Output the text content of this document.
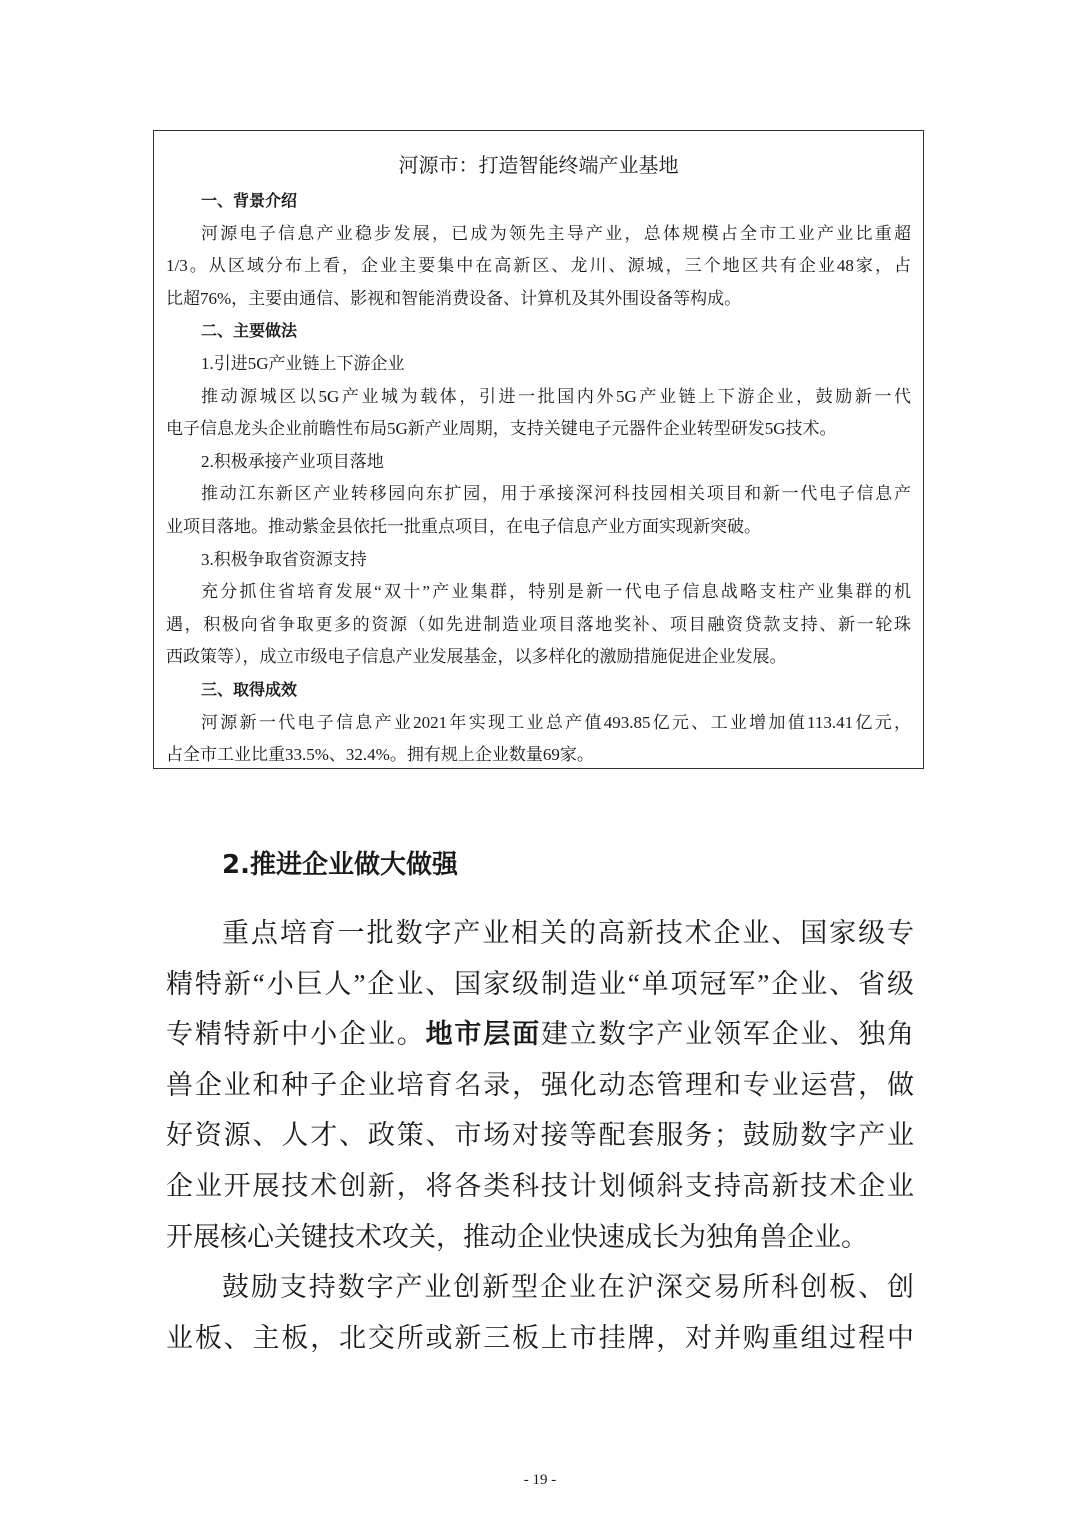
河源市：打造智能终端产业基地
一、背景介绍
河源电子信息产业稳步发展，已成为领先主导产业，总体规模占全市工业产业比重超
1/3。从区域分布上看，企业主要集中在高新区、龙川、源城，三个地区共有企业48家，占
比超76%，主要由通信、影视和智能消费设备、计算机及其外围设备等构成。
二、主要做法
1.引进5G产业链上下游企业
推动源城区以5G产业城为载体，引进一批国内外5G产业链上下游企业，鼓励新一代
电子信息龙头企业前瞻性布局5G新产业周期，支持关键电子元器件企业转型研发5G技术。
2.积极承接产业项目落地
推动江东新区产业转移园向东扩园，用于承接深河科技园相关项目和新一代电子信息产
业项目落地。推动紫金县依托一批重点项目，在电子信息产业方面实现新突破。
3.积极争取省资源支持
充分抓住省培育发展“双十”产业集群，特别是新一代电子信息战略支柱产业集群的机
遇，积极向省争取更多的资源（如先进制造业项目落地奖补、项目融资贷款支持、新一轮珠
西政策等），成立市级电子信息产业发展基金，以多样化的激励措施促进企业发展。
三、取得成效
河源新一代电子信息产业2021年实现工业总产值493.85亿元、工业增加值113.41亿元，
占全市工业比重33.5%、32.4%。拥有规上企业数量69家。
2.推进企业做大做强
重点培育一批数字产业相关的高新技术企业、国家级专
精特新“小巨人”企业、国家级制造业“单项冠军”企业、省级
专精特新中小企业。地市层面建立数字产业领军企业、独角
兽企业和种子企业培育名录，强化动态管理和专业运营，做
好资源、人才、政策、市场对接等配套服务；鼓励数字产业
企业开展技术创新，将各类科技计划倾斜支持高新技术企业
开展核心关键技术攻关，推动企业快速成长为独角兽企业。
鼓励支持数字产业创新型企业在沪深交易所科创板、创
业板、主板，北交所或新三板上市挂牌，对并购重组过程中
- 19 -
